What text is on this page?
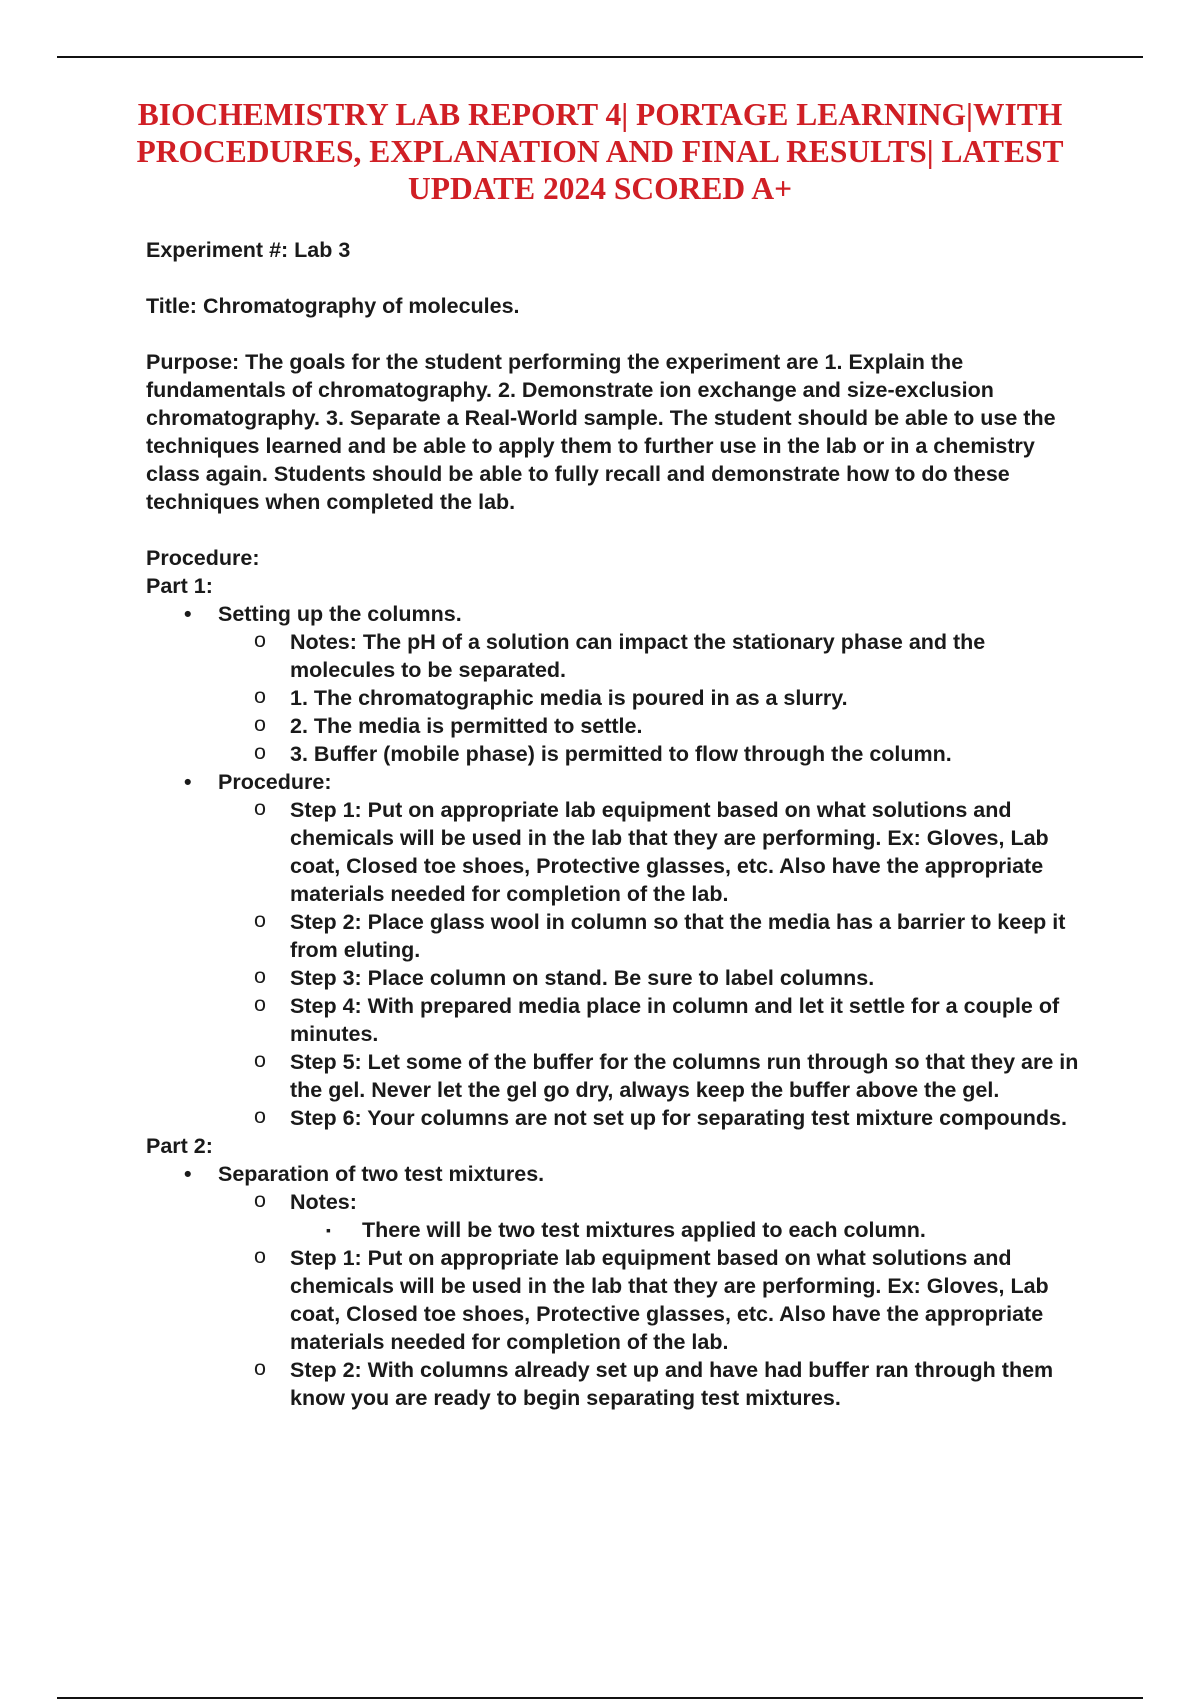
BIOCHEMISTRY LAB REPORT 4| PORTAGE LEARNING|WITH PROCEDURES, EXPLANATION AND FINAL RESULTS| LATEST UPDATE 2024 SCORED A+

Experiment #: Lab 3

Title: Chromatography of molecules.

Purpose: The goals for the student performing the experiment are 1. Explain the fundamentals of chromatography. 2. Demonstrate ion exchange and size-exclusion chromatography. 3. Separate a Real-World sample. The student should be able to use the techniques learned and be able to apply them to further use in the lab or in a chemistry class again. Students should be able to fully recall and demonstrate how to do these techniques when completed the lab.

Procedure:

Part 1:

• Setting up the columns.
o Notes: The pH of a solution can impact the stationary phase and the molecules to be separated.
o 1. The chromatographic media is poured in as a slurry.
o 2. The media is permitted to settle.
o 3. Buffer (mobile phase) is permitted to flow through the column.
• Procedure:
o Step 1: Put on appropriate lab equipment based on what solutions and chemicals will be used in the lab that they are performing. Ex: Gloves, Lab coat, Closed toe shoes, Protective glasses, etc. Also have the appropriate materials needed for completion of the lab.
o Step 2: Place glass wool in column so that the media has a barrier to keep it from eluting.
o Step 3: Place column on stand. Be sure to label columns.
o Step 4: With prepared media place in column and let it settle for a couple of minutes.
o Step 5: Let some of the buffer for the columns run through so that they are in the gel. Never let the gel go dry, always keep the buffer above the gel.
o Step 6: Your columns are not set up for separating test mixture compounds.

Part 2:

• Separation of two test mixtures.
o Notes:
▪ There will be two test mixtures applied to each column.
o Step 1: Put on appropriate lab equipment based on what solutions and chemicals will be used in the lab that they are performing. Ex: Gloves, Lab coat, Closed toe shoes, Protective glasses, etc. Also have the appropriate materials needed for completion of the lab.
o Step 2: With columns already set up and have had buffer ran through them know you are ready to begin separating test mixtures.
